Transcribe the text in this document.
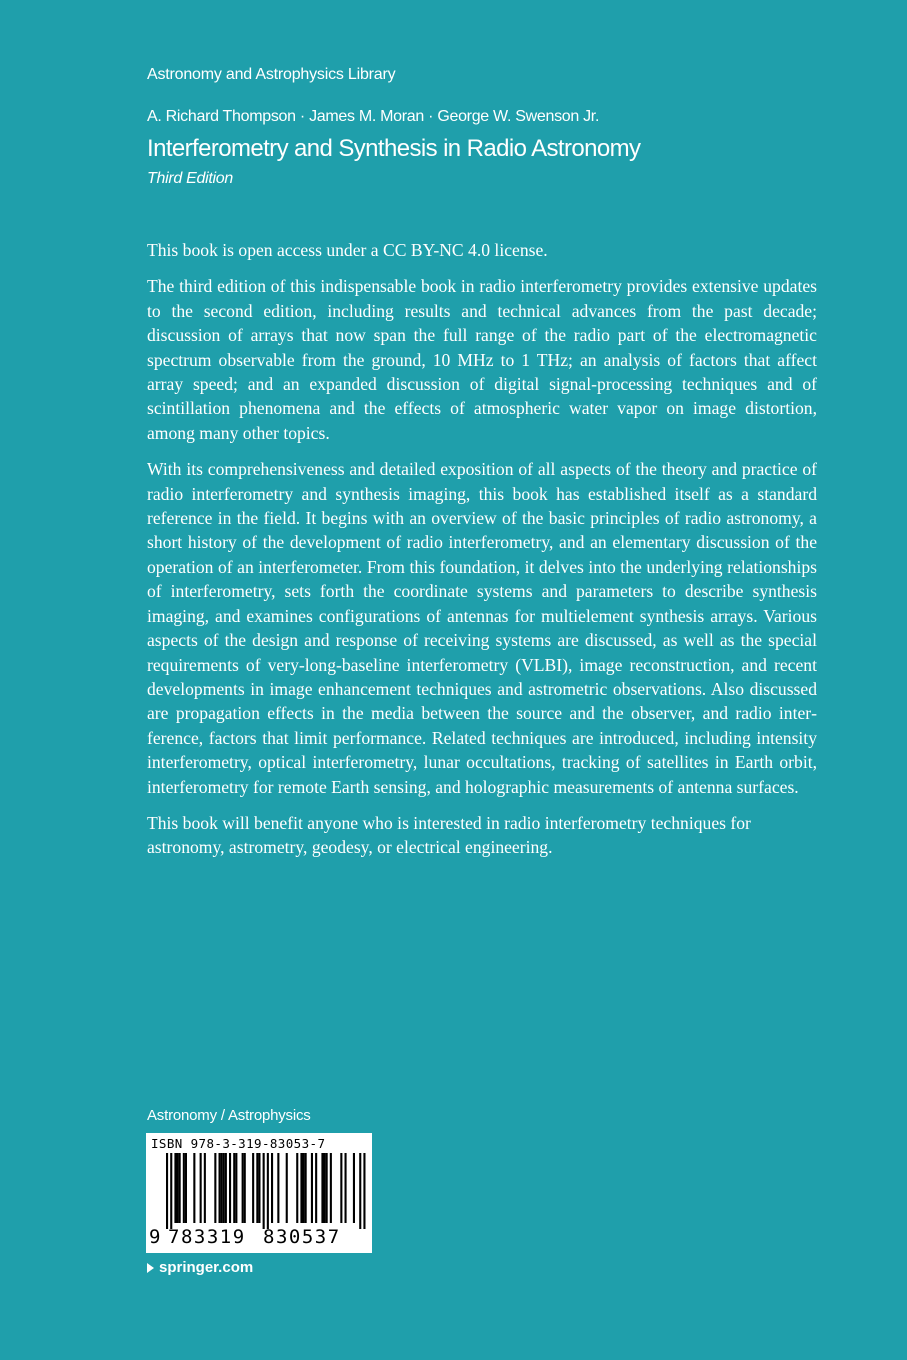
Astronomy and Astrophysics Library
A. Richard Thompson · James M. Moran · George W. Swenson Jr.
Interferometry and Synthesis in Radio Astronomy
Third Edition

This book is open access under a CC BY-NC 4.0 license.

The third edition of this indispensable book in radio interferometry provides extensive updates to the second edition, including results and technical advances from the past decade; discussion of arrays that now span the full range of the radio part of the electromagnetic spectrum observable from the ground, 10 MHz to 1 THz; an analysis of factors that affect array speed; and an expanded discussion of digital signal-processing techniques and of scintillation phenomena and the effects of atmospheric water vapor on image distortion, among many other topics.

With its comprehensiveness and detailed exposition of all aspects of the theory and practice of radio interferometry and synthesis imaging, this book has established itself as a standard reference in the field. It begins with an overview of the basic principles of radio astronomy, a short history of the development of radio interferometry, and an elementary discussion of the operation of an interferometer. From this foundation, it delves into the underlying relationships of interferometry, sets forth the coordinate systems and parameters to describe synthesis imaging, and examines configurations of antennas for multielement synthesis arrays. Various aspects of the design and response of receiving systems are discussed, as well as the special requirements of very-long-baseline interferometry (VLBI), image reconstruction, and recent developments in image enhancement techniques and astrometric observations. Also discussed are propagation effects in the media between the source and the observer, and radio interference, factors that limit performance. Related techniques are introduced, including intensity interferometry, optical interferometry, lunar occultations, tracking of satellites in Earth orbit, interferometry for remote Earth sensing, and holographic measurements of antenna surfaces.

This book will benefit anyone who is interested in radio interferometry techniques for astronomy, astrometry, geodesy, or electrical engineering.

Astronomy / Astrophysics
ISBN 978-3-319-83053-7
9 783319 830537
springer.com
